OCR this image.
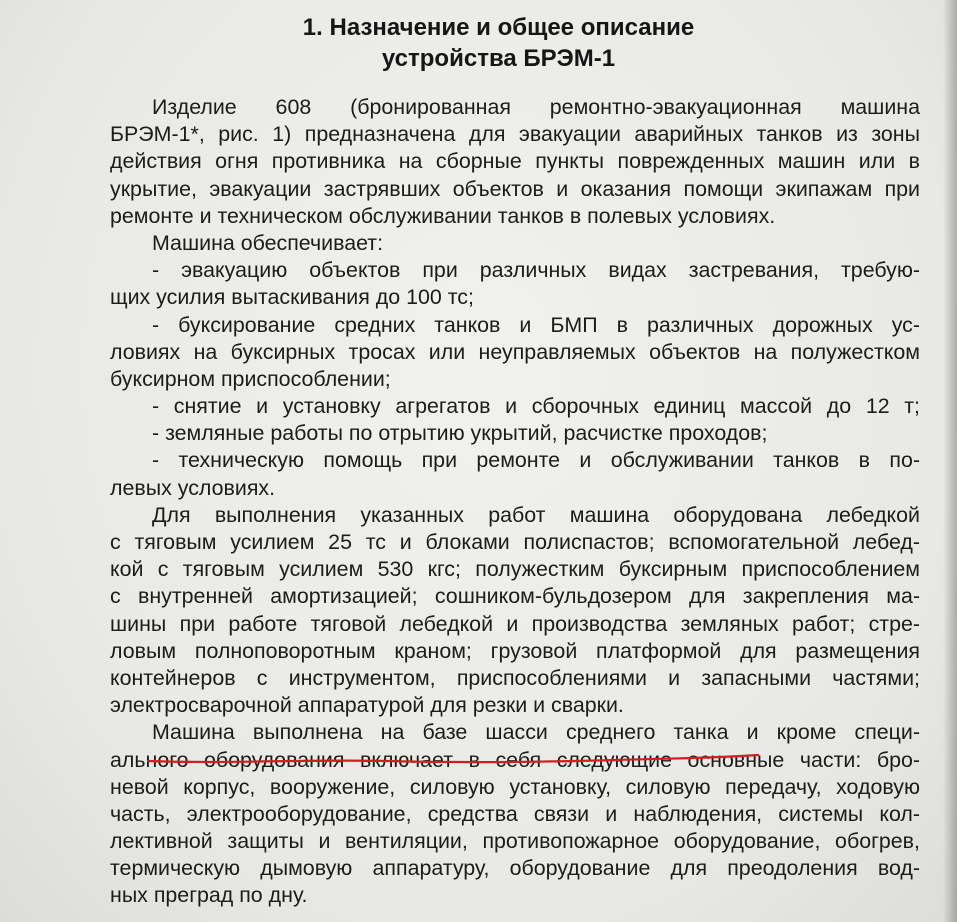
1. Назначение и общее описание
устройства БРЭМ-1
Изделие 608 (бронированная ремонтно-эвакуационная машина
БРЭМ-1*, рис. 1) предназначена для эвакуации аварийных танков из зоны
действия огня противника на сборные пункты поврежденных машин или в
укрытие, эвакуации застрявших объектов и оказания помощи экипажам при
ремонте и техническом обслуживании танков в полевых условиях.
Машина обеспечивает:
- эвакуацию объектов при различных видах застревания, требую-
щих усилия вытаскивания до 100 тс;
- буксирование средних танков и БМП в различных дорожных ус-
ловиях на буксирных тросах или неуправляемых объектов на полужестком
буксирном приспособлении;
- снятие и установку агрегатов и сборочных единиц массой до 12 т;
- земляные работы по отрытию укрытий, расчистке проходов;
- техническую помощь при ремонте и обслуживании танков в по-
левых условиях.
Для выполнения указанных работ машина оборудована лебедкой
с тяговым усилием 25 тс и блоками полиспастов; вспомогательной лебед-
кой с тяговым усилием 530 кгс; полужестким буксирным приспособлением
с внутренней амортизацией; сошником-бульдозером для закрепления ма-
шины при работе тяговой лебедкой и производства земляных работ; стре-
ловым полноповоротным краном; грузовой платформой для размещения
контейнеров с инструментом, приспособлениями и запасными частями;
электросварочной аппаратурой для резки и сварки.
Машина выполнена на базе шасси среднего танка и кроме специ-
ального оборудования включает в себя следующие основные части: бро-
невой корпус, вооружение, силовую установку, силовую передачу, ходовую
часть, электрооборудование, средства связи и наблюдения, системы кол-
лективной защиты и вентиляции, противопожарное оборудование, обогрев,
термическую дымовую аппаратуру, оборудование для преодоления вод-
ных преград по дну.
